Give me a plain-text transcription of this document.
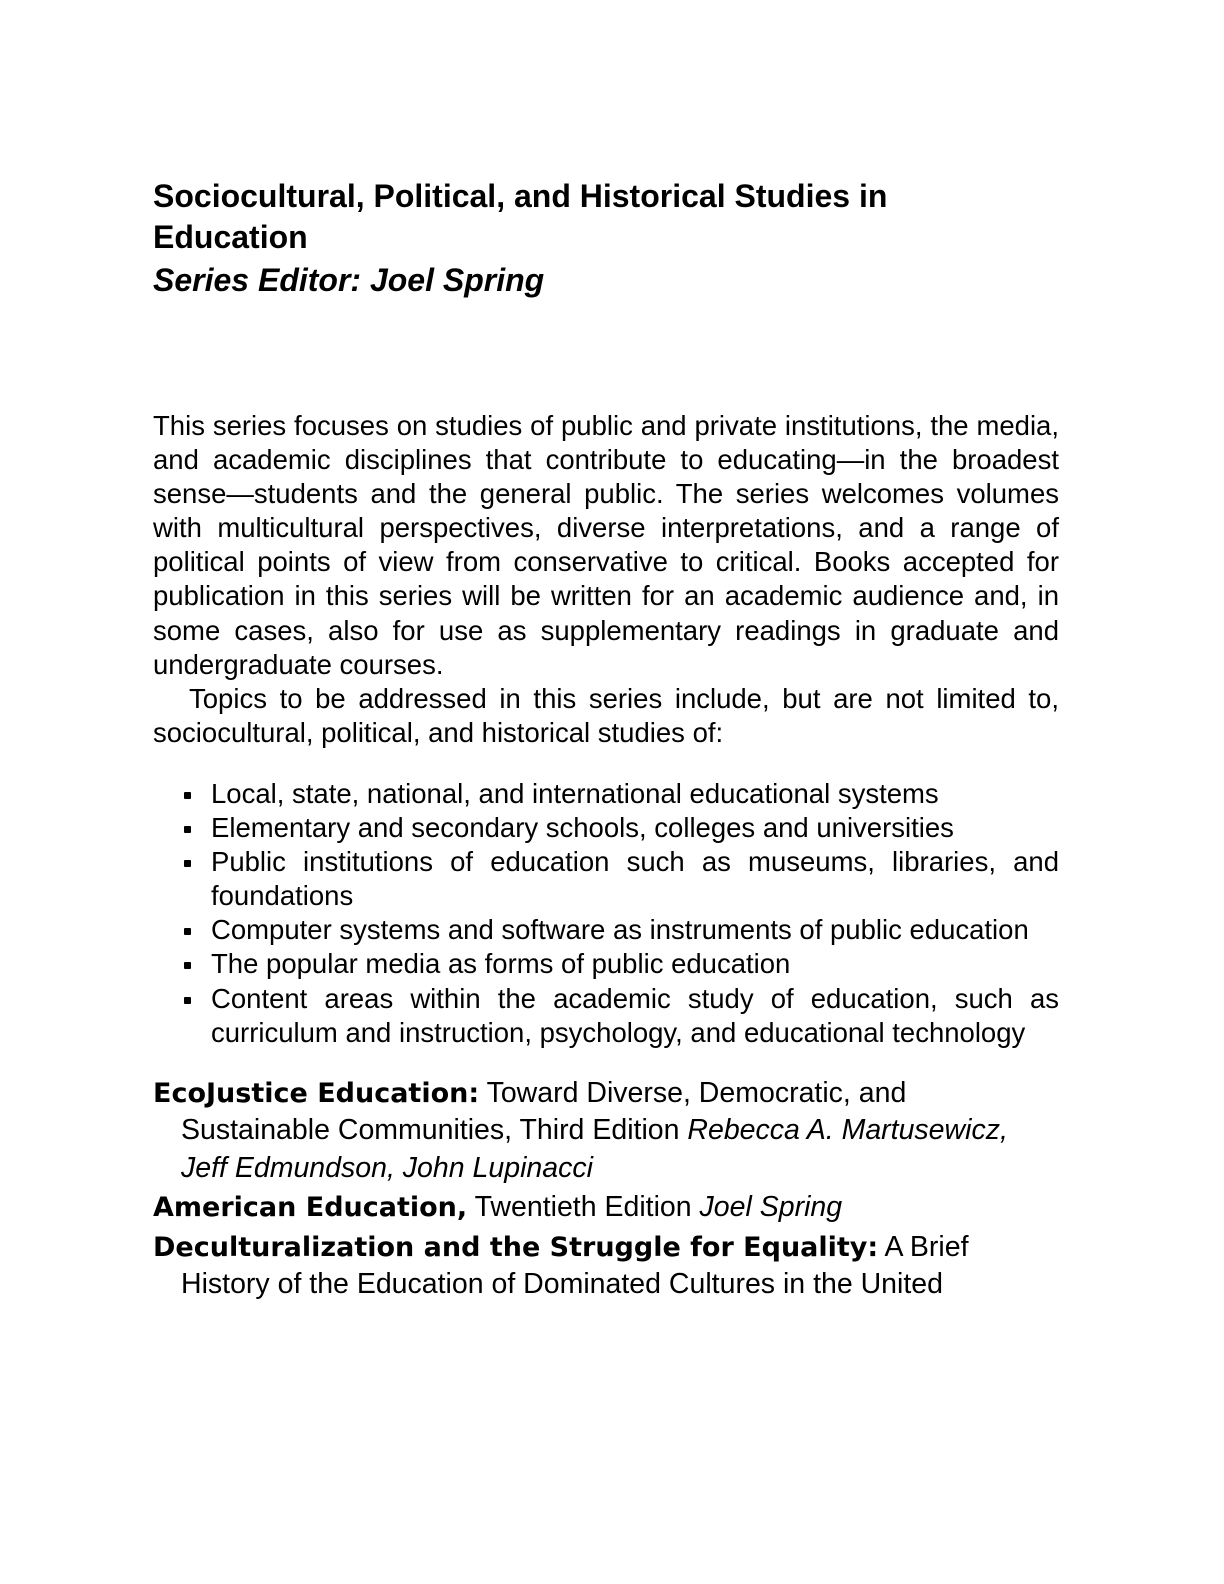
Sociocultural, Political, and Historical Studies in Education
Series Editor: Joel Spring

This series focuses on studies of public and private institutions, the media, and academic disciplines that contribute to educating—in the broadest sense—students and the general public. The series welcomes volumes with multicultural perspectives, diverse interpretations, and a range of political points of view from conservative to critical. Books accepted for publication in this series will be written for an academic audience and, in some cases, also for use as supplementary readings in graduate and undergraduate courses.

Topics to be addressed in this series include, but are not limited to, sociocultural, political, and historical studies of:

Local, state, national, and international educational systems
Elementary and secondary schools, colleges and universities
Public institutions of education such as museums, libraries, and foundations
Computer systems and software as instruments of public education
The popular media as forms of public education
Content areas within the academic study of education, such as curriculum and instruction, psychology, and educational technology

EcoJustice Education: Toward Diverse, Democratic, and Sustainable Communities, Third Edition Rebecca A. Martusewicz, Jeff Edmundson, John Lupinacci

American Education, Twentieth Edition Joel Spring

Deculturalization and the Struggle for Equality: A Brief History of the Education of Dominated Cultures in the United
